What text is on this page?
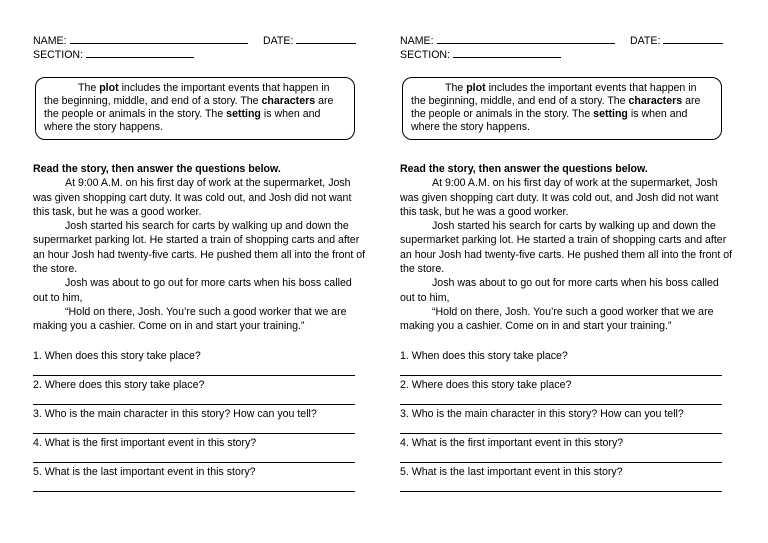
NAME:	DATE:
SECTION:

The plot includes the important events that happen in the beginning, middle, and end of a story. The characters are the people or animals in the story. The setting is when and where the story happens.

Read the story, then answer the questions below.

At 9:00 A.M. on his first day of work at the supermarket, Josh was given shopping cart duty. It was cold out, and Josh did not want this task, but he was a good worker.

Josh started his search for carts by walking up and down the supermarket parking lot. He started a train of shopping carts and after an hour Josh had twenty-five carts. He pushed them all into the front of the store.

Josh was about to go out for more carts when his boss called out to him,

“Hold on there, Josh. You’re such a good worker that we are making you a cashier. Come on in and start your training.”

1. When does this story take place?
2. Where does this story take place?
3. Who is the main character in this story? How can you tell?
4. What is the first important event in this story?
5. What is the last important event in this story?
NAME:	DATE:
SECTION:

The plot includes the important events that happen in the beginning, middle, and end of a story. The characters are the people or animals in the story. The setting is when and where the story happens.

Read the story, then answer the questions below.

At 9:00 A.M. on his first day of work at the supermarket, Josh was given shopping cart duty. It was cold out, and Josh did not want this task, but he was a good worker.

Josh started his search for carts by walking up and down the supermarket parking lot. He started a train of shopping carts and after an hour Josh had twenty-five carts. He pushed them all into the front of the store.

Josh was about to go out for more carts when his boss called out to him,

“Hold on there, Josh. You’re such a good worker that we are making you a cashier. Come on in and start your training.”

1. When does this story take place?
2. Where does this story take place?
3. Who is the main character in this story? How can you tell?
4. What is the first important event in this story?
5. What is the last important event in this story?
